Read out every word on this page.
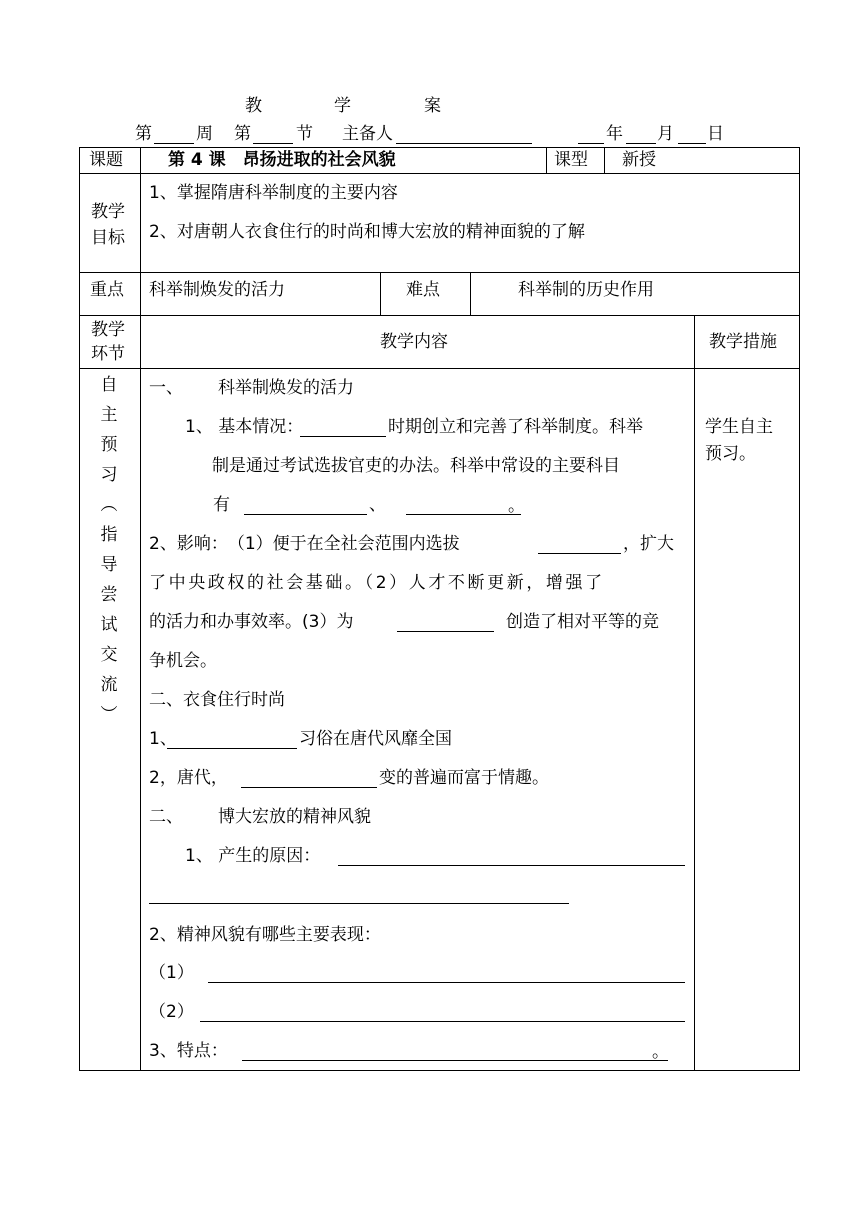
教	学	案
第	周 第	节 主备人	年 月 日
课题	第 4 课　昂扬进取的社会风貌	课型 新授
教学
目标
1、掌握隋唐科举制度的主要内容
2、对唐朝人衣食住行的时尚和博大宏放的精神面貌的了解
重点 科举制焕发的活力	难点	科举制的历史作用
教学
环节
教学内容	教学措施
自
主
预
习
︵
指
导
尝
试
交
流
︶
学生自主
预习。
一、 科举制焕发的活力
1、 基本情况：	时期创立和完善了科举制度。科举
制是通过考试选拔官吏的办法。科举中常设的主要科目
有	、	。
2、影响：　（1）便于在全社会范围内选拔	，扩大
了中央政权的社会基础。（2）人才不断更新，增强了
的活力和办事效率。(3）为	创造了相对平等的竞
争机会。
二、衣食住行时尚
1、	习俗在唐代风靡全国
2，唐代，	变的普遍而富于情趣。
二、 博大宏放的精神风貌
1、 产生的原因：
2、精神风貌有哪些主要表现：
（1）
（2）
3、特点：	。
